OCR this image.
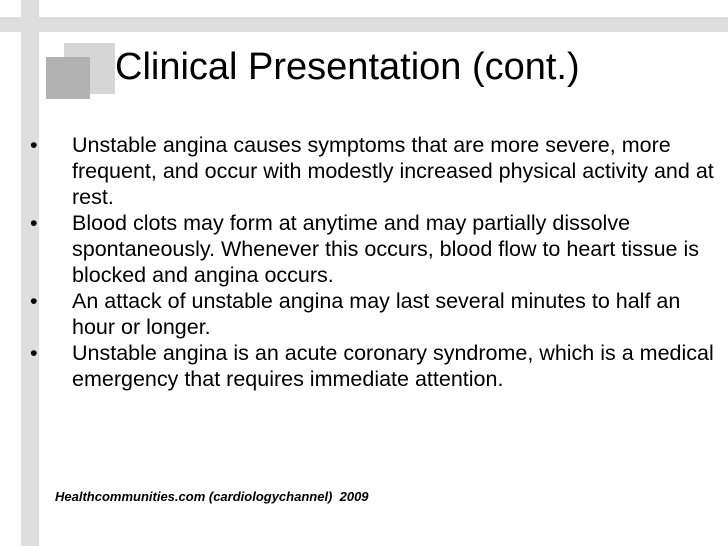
Clinical Presentation (cont.)
•	Unstable angina causes symptoms that are more severe, more frequent, and occur with modestly increased physical activity and at rest.
•	Blood clots may form at anytime and may partially dissolve spontaneously. Whenever this occurs, blood flow to heart tissue is blocked and angina occurs.
•	An attack of unstable angina may last several minutes to half an hour or longer.
•	Unstable angina is an acute coronary syndrome, which is a medical emergency that requires immediate attention.

Healthcommunities.com (cardiologychannel)  2009
